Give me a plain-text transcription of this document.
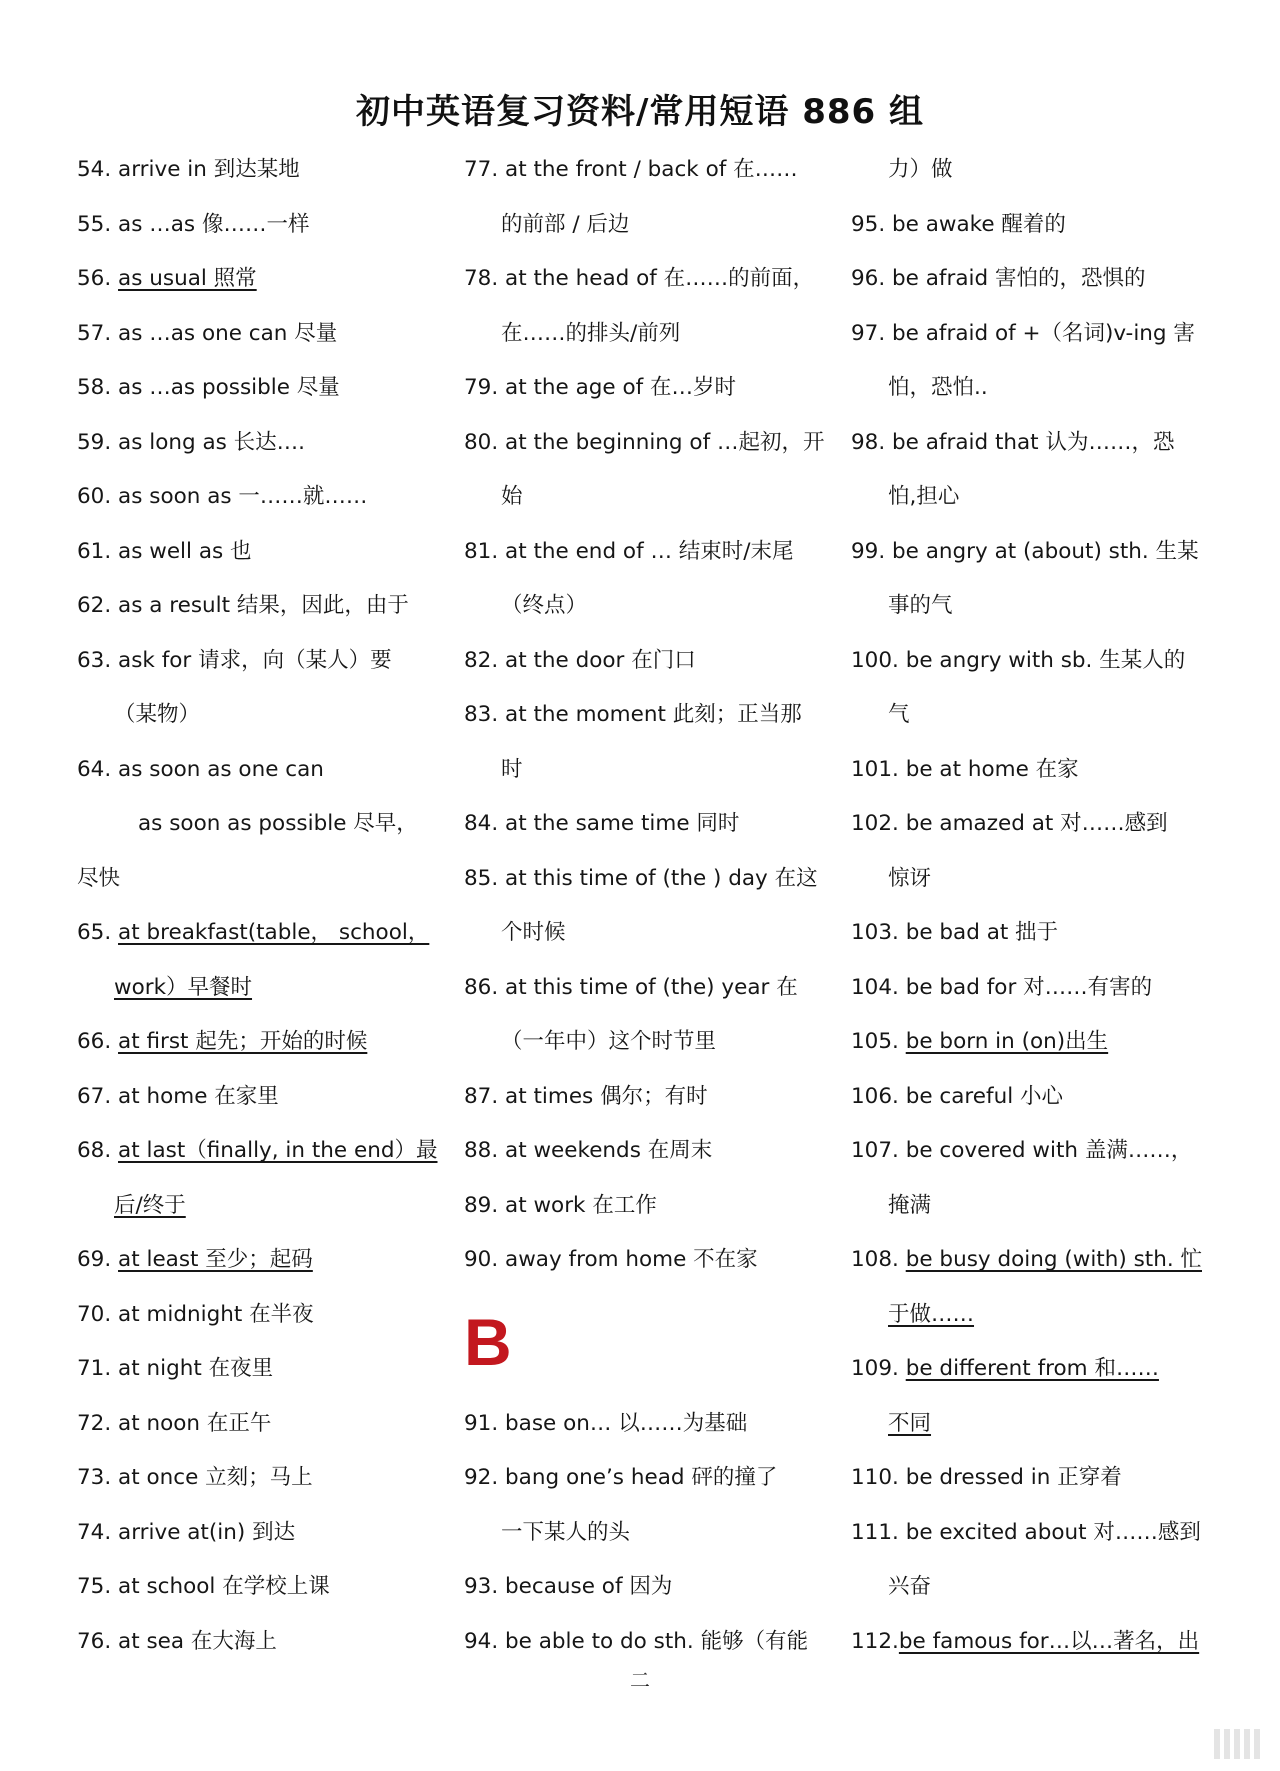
初中英语复习资料/常用短语 886 组
54. arrive in 到达某地
55. as …as 像……一样
56. as usual 照常
57. as …as one can 尽量
58. as …as possible 尽量
59. as long as 长达….
60. as soon as 一……就……
61. as well as 也
62. as a result 结果，因此，由于
63. ask for 请求，向（某人）要
（某物）
64. as soon as one can
as soon as possible 尽早，
尽快
65. at breakfast(table， school，
work）早餐时
66. at first 起先；开始的时候
67. at home 在家里
68. at last（finally, in the end）最
后/终于
69. at least 至少；起码
70. at midnight 在半夜
71. at night 在夜里
72. at noon 在正午
73. at once 立刻；马上
74. arrive at(in) 到达
75. at school 在学校上课
76. at sea 在大海上
77. at the front / back of 在……
的前部 / 后边
78. at the head of 在……的前面，
在……的排头/前列
79. at the age of 在…岁时
80. at the beginning of …起初，开
始
81. at the end of … 结束时/末尾
（终点）
82. at the door 在门口
83. at the moment 此刻；正当那
时
84. at the same time 同时
85. at this time of (the ) day 在这
个时候
86. at this time of (the) year 在
（一年中）这个时节里
87. at times 偶尔；有时
88. at weekends 在周末
89. at work 在工作
90. away from home 不在家
B
91. base on… 以……为基础
92. bang one’s head 砰的撞了
一下某人的头
93. because of 因为
94. be able to do sth. 能够（有能
力）做
95. be awake 醒着的
96. be afraid 害怕的，恐惧的
97. be afraid of +（名词)v-ing 害
怕，恐怕..
98. be afraid that 认为……，恐
怕,担心
99. be angry at (about) sth. 生某
事的气
100. be angry with sb. 生某人的
气
101. be at home 在家
102. be amazed at 对……感到
惊讶
103. be bad at 拙于
104. be bad for 对……有害的
105. be born in (on)出生
106. be careful 小心
107. be covered with 盖满……，
掩满
108. be busy doing (with) sth. 忙
于做……
109. be different from 和……
不同
110. be dressed in 正穿着
111. be excited about 对……感到
兴奋
112.be famous for…以…著名，出
二
